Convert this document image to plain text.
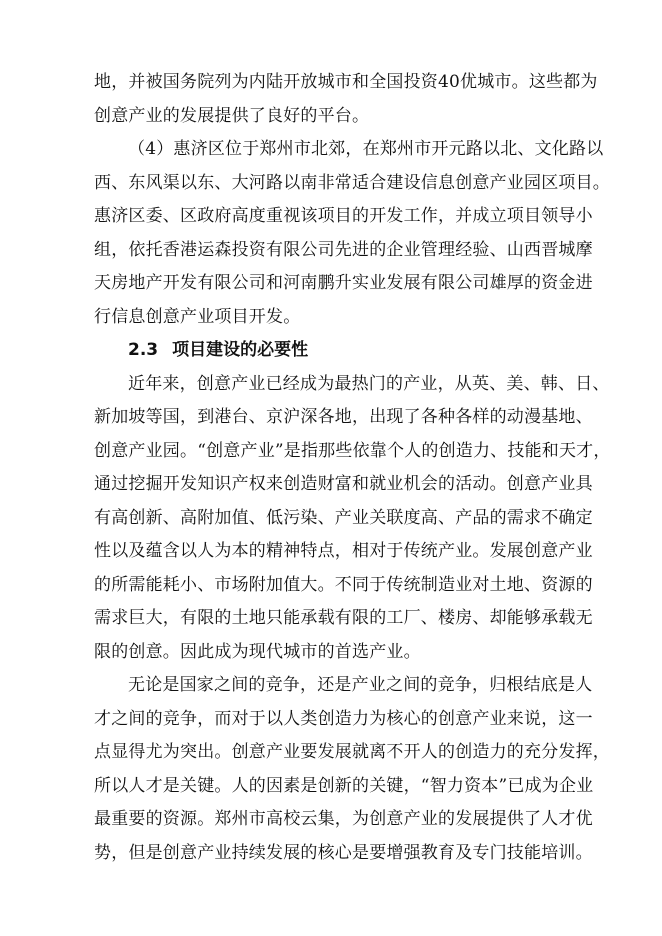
地，并被国务院列为内陆开放城市和全国投资40优城市。这些都为
创意产业的发展提供了良好的平台。
（4）惠济区位于郑州市北郊，在郑州市开元路以北、文化路以
西、东风渠以东、大河路以南非常适合建设信息创意产业园区项目。
惠济区委、区政府高度重视该项目的开发工作，并成立项目领导小
组，依托香港运森投资有限公司先进的企业管理经验、山西晋城摩
天房地产开发有限公司和河南鹏升实业发展有限公司雄厚的资金进
行信息创意产业项目开发。
2.3 项目建设的必要性
近年来，创意产业已经成为最热门的产业，从英、美、韩、日、
新加坡等国，到港台、京沪深各地，出现了各种各样的动漫基地、
创意产业园。“创意产业”是指那些依靠个人的创造力、技能和天才，
通过挖掘开发知识产权来创造财富和就业机会的活动。创意产业具
有高创新、高附加值、低污染、产业关联度高、产品的需求不确定
性以及蕴含以人为本的精神特点，相对于传统产业。发展创意产业
的所需能耗小、市场附加值大。不同于传统制造业对土地、资源的
需求巨大，有限的土地只能承载有限的工厂、楼房、却能够承载无
限的创意。因此成为现代城市的首选产业。
无论是国家之间的竞争，还是产业之间的竞争，归根结底是人
才之间的竞争，而对于以人类创造力为核心的创意产业来说，这一
点显得尤为突出。创意产业要发展就离不开人的创造力的充分发挥，
所以人才是关键。人的因素是创新的关键，“智力资本”已成为企业
最重要的资源。郑州市高校云集，为创意产业的发展提供了人才优
势，但是创意产业持续发展的核心是要增强教育及专门技能培训。
